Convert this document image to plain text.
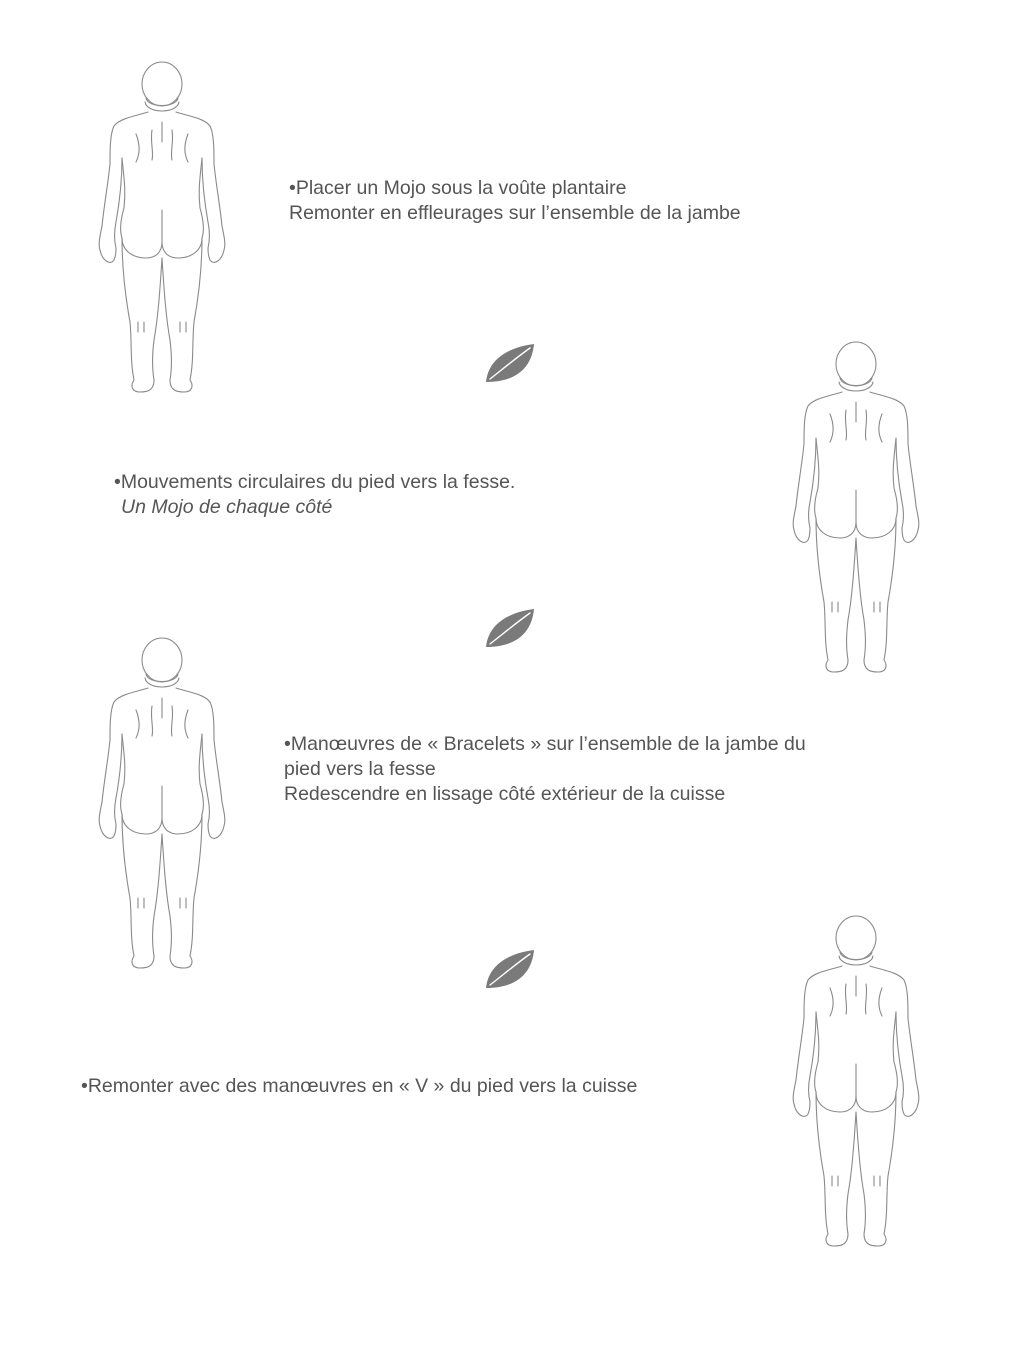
•Placer un Mojo sous la voûte plantaire
Remonter en effleurages sur l’ensemble de la jambe
•Mouvements circulaires du pied vers la fesse.
Un Mojo de chaque côté
•Manœuvres de « Bracelets » sur l’ensemble de la jambe du
pied vers la fesse
Redescendre en lissage côté extérieur de la cuisse
•Remonter avec des manœuvres en « V » du pied vers la cuisse
